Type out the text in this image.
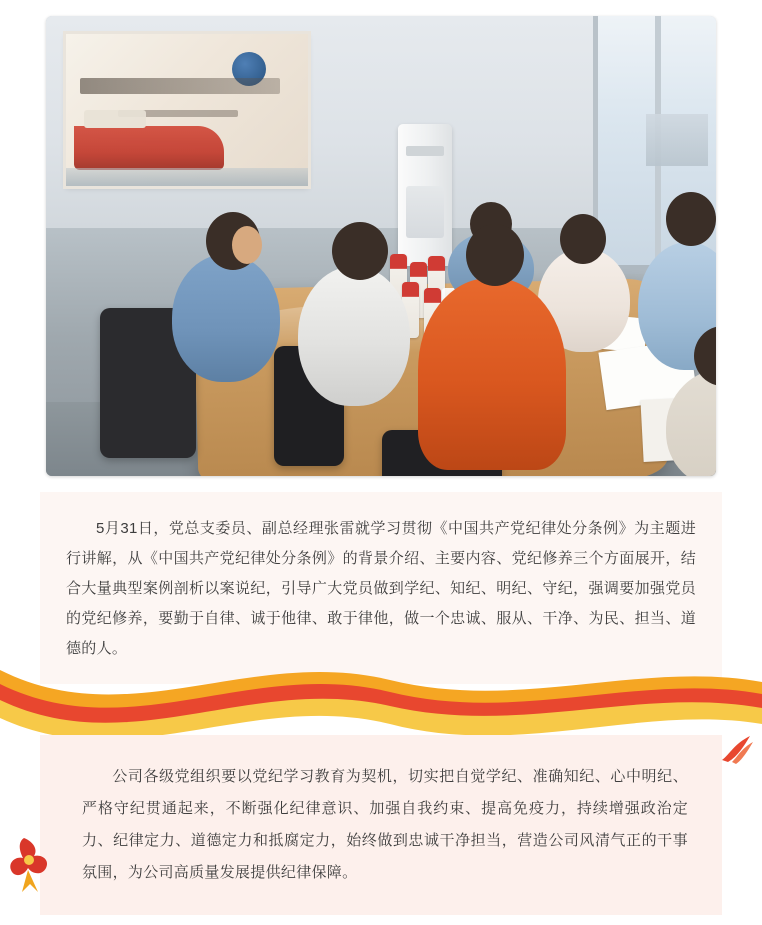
5月31日，党总支委员、副总经理张雷就学习贯彻《中国共产党纪律处分条例》为主题进行讲解，从《中国共产党纪律处分条例》的背景介绍、主要内容、党纪修养三个方面展开，结合大量典型案例剖析以案说纪，引导广大党员做到学纪、知纪、明纪、守纪，强调要加强党员的党纪修养，要勤于自律、诚于他律、敢于律他，做一个忠诚、服从、干净、为民、担当、道德的人。
公司各级党组织要以党纪学习教育为契机，切实把自觉学纪、准确知纪、心中明纪、严格守纪贯通起来，不断强化纪律意识、加强自我约束、提高免疫力，持续增强政治定力、纪律定力、道德定力和抵腐定力，始终做到忠诚干净担当，营造公司风清气正的干事氛围，为公司高质量发展提供纪律保障。
